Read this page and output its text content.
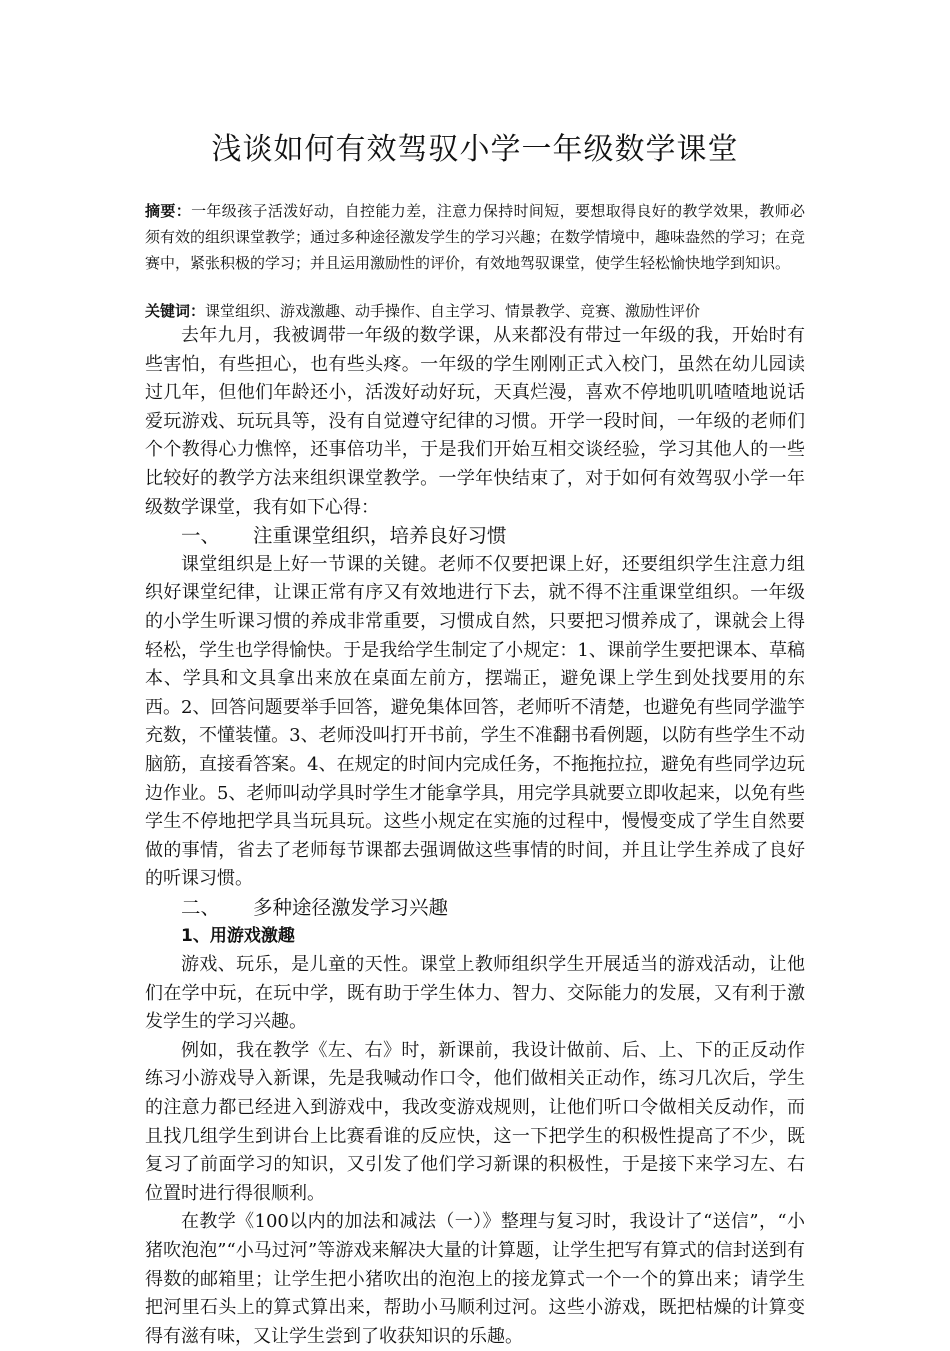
浅谈如何有效驾驭小学一年级数学课堂

摘要：一年级孩子活泼好动，自控能力差，注意力保持时间短，要想取得良好的教学效果，教师必须有效的组织课堂教学；通过多种途径激发学生的学习兴趣；在数学情境中，趣味盎然的学习；在竞赛中，紧张积极的学习；并且运用激励性的评价，有效地驾驭课堂，使学生轻松愉快地学到知识。

关键词：课堂组织、游戏激趣、动手操作、自主学习、情景教学、竞赛、激励性评价

去年九月，我被调带一年级的数学课，从来都没有带过一年级的我，开始时有些害怕，有些担心，也有些头疼。一年级的学生刚刚正式入校门，虽然在幼儿园读过几年，但他们年龄还小，活泼好动好玩，天真烂漫，喜欢不停地叽叽喳喳地说话爱玩游戏、玩玩具等，没有自觉遵守纪律的习惯。开学一段时间，一年级的老师们个个教得心力憔悴，还事倍功半，于是我们开始互相交谈经验，学习其他人的一些比较好的教学方法来组织课堂教学。一学年快结束了，对于如何有效驾驭小学一年级数学课堂，我有如下心得：

一、 注重课堂组织，培养良好习惯

课堂组织是上好一节课的关键。老师不仅要把课上好，还要组织学生注意力组织好课堂纪律，让课正常有序又有效地进行下去，就不得不注重课堂组织。一年级的小学生听课习惯的养成非常重要，习惯成自然，只要把习惯养成了，课就会上得轻松，学生也学得愉快。于是我给学生制定了小规定：1、课前学生要把课本、草稿本、学具和文具拿出来放在桌面左前方，摆端正，避免课上学生到处找要用的东西。2、回答问题要举手回答，避免集体回答，老师听不清楚，也避免有些同学滥竽充数，不懂装懂。3、老师没叫打开书前，学生不准翻书看例题，以防有些学生不动脑筋，直接看答案。4、在规定的时间内完成任务，不拖拖拉拉，避免有些同学边玩边作业。5、老师叫动学具时学生才能拿学具，用完学具就要立即收起来，以免有些学生不停地把学具当玩具玩。这些小规定在实施的过程中，慢慢变成了学生自然要做的事情，省去了老师每节课都去强调做这些事情的时间，并且让学生养成了良好的听课习惯。

二、 多种途径激发学习兴趣
1、用游戏激趣

游戏、玩乐，是儿童的天性。课堂上教师组织学生开展适当的游戏活动，让他们在学中玩，在玩中学，既有助于学生体力、智力、交际能力的发展，又有利于激发学生的学习兴趣。

例如，我在教学《左、右》时，新课前，我设计做前、后、上、下的正反动作练习小游戏导入新课，先是我喊动作口令，他们做相关正动作，练习几次后，学生的注意力都已经进入到游戏中，我改变游戏规则，让他们听口令做相关反动作，而且找几组学生到讲台上比赛看谁的反应快，这一下把学生的积极性提高了不少，既复习了前面学习的知识，又引发了他们学习新课的积极性，于是接下来学习左、右位置时进行得很顺利。

在教学《100以内的加法和减法（一）》整理与复习时，我设计了“送信”，“小猪吹泡泡”“小马过河”等游戏来解决大量的计算题，让学生把写有算式的信封送到有得数的邮箱里；让学生把小猪吹出的泡泡上的接龙算式一个一个的算出来；请学生把河里石头上的算式算出来，帮助小马顺利过河。这些小游戏，既把枯燥的计算变得有滋有味，又让学生尝到了收获知识的乐趣。
